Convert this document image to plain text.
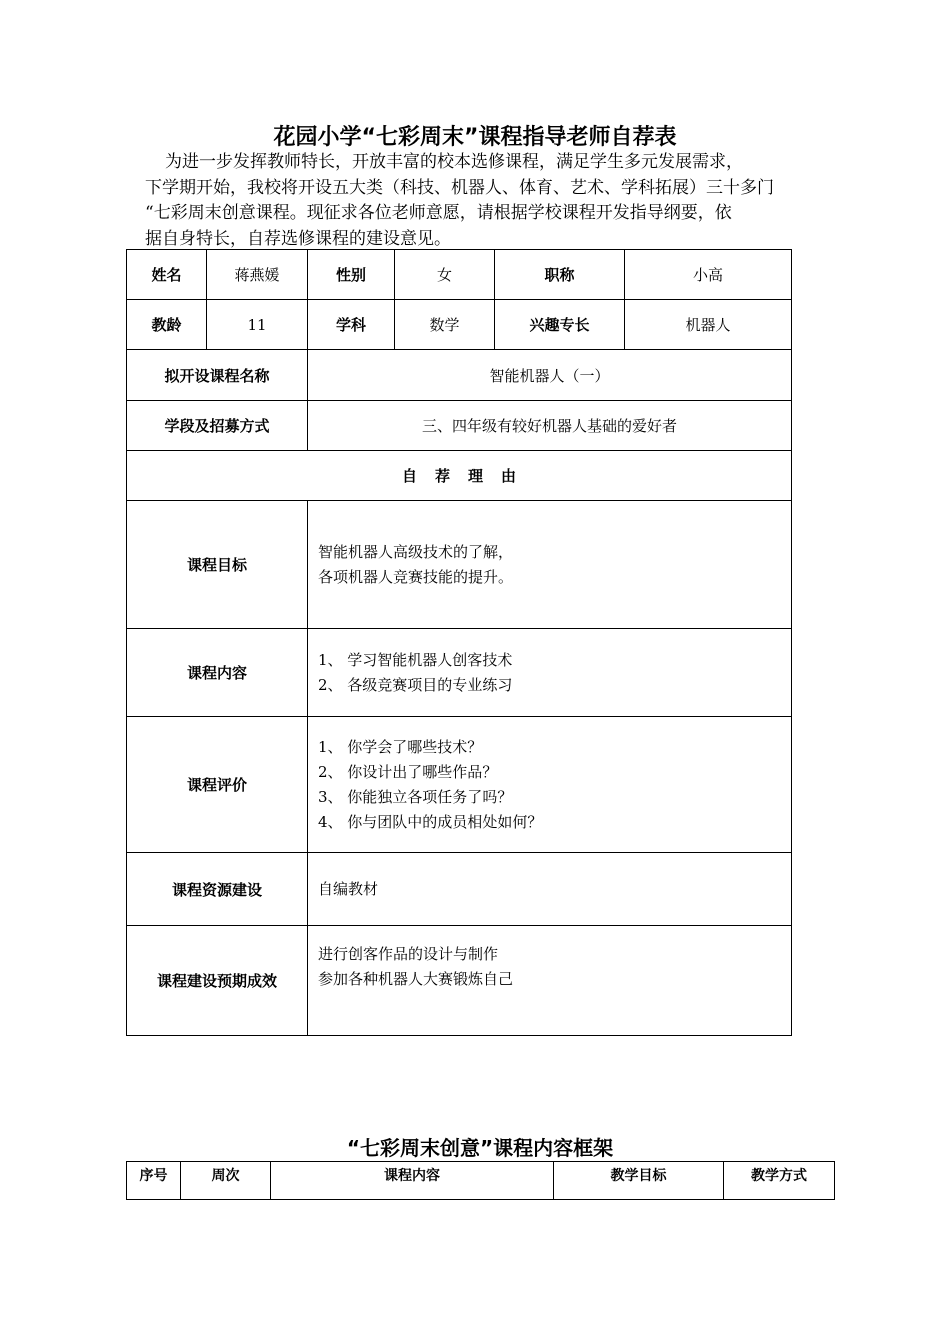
花园小学“七彩周末”课程指导老师自荐表
为进一步发挥教师特长，开放丰富的校本选修课程，满足学生多元发展需求，
下学期开始，我校将开设五大类（科技、机器人、体育、艺术、学科拓展）三十多门
“七彩周末创意课程。现征求各位老师意愿，请根据学校课程开发指导纲要，依
据自身特长，自荐选修课程的建设意见。
姓名	蒋燕媛	性别	女	职称	小高
教龄	11	学科	数学	兴趣专长	机器人
拟开设课程名称		智能机器人（一）			
学段及招募方式		三、四年级有较好机器人基础的爱好者			
自荐理由					
课程目标		智能机器人高级技术的了解，
各项机器人竞赛技能的提升。			

课程内容		1、 学习智能机器人创客技术
2、 各级竞赛项目的专业练习			

课程评价		1、 你学会了哪些技术？
2、 你设计出了哪些作品？
3、 你能独立各项任务了吗？
4、 你与团队中的成员相处如何？			

课程资源建设		自编教材			
课程建设预期成效		进行创客作品的设计与制作
参加各种机器人大赛锻炼自己			
“七彩周末创意”课程内容框架
序号	周次	课程内容	教学目标	教学方式
